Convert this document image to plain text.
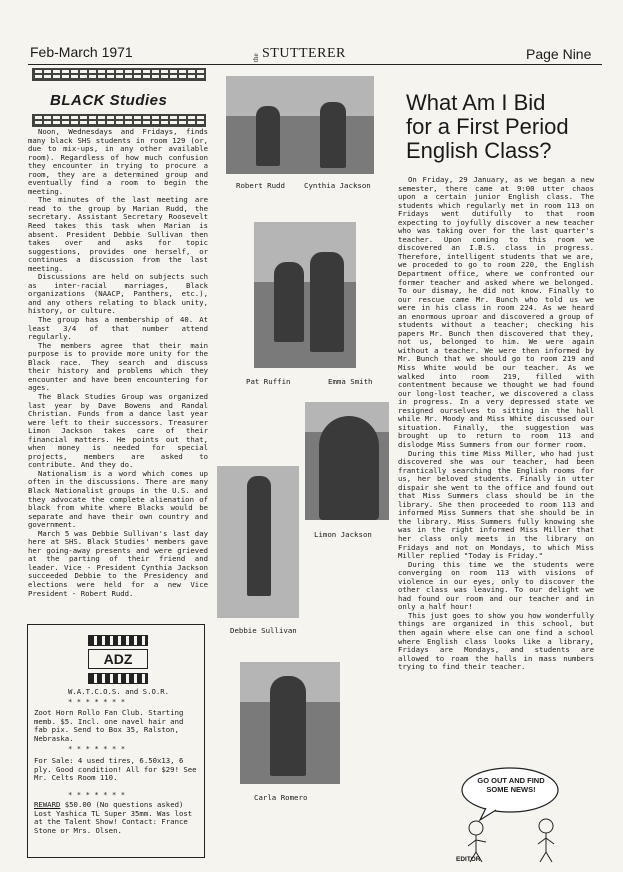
Feb-March 1971	the STUTTERER	Page Nine
BLACK Studies

Noon, Wednesdays and Fridays, finds many black SHS students in room 129 (or, due to mix-ups, in any other available room). Regardless of how much confusion they encounter in trying to procure a room, they are a determined group and eventually find a room to begin the meeting.

The minutes of the last meeting are read to the group by Marian Rudd, the secretary. Assistant Secretary Roosevelt Reed takes this task when Marian is absent. President Debbie Sullivan then takes over and asks for topic suggestions, provides one herself, or continues a discussion from the last meeting.

Discussions are held on subjects such as inter-racial marriages, Black organizations (NAACP, Panthers, etc.), and any others relating to black unity, history, or culture.

The group has a membership of 40. At least 3/4 of that number attend regularly.

The members agree that their main purpose is to provide more unity for the Black race. They search and discuss their history and problems which they encounter and have been encountering for ages.

The Black Studies Group was organized last year by Dave Bowens and Randal Christian. Funds from a dance last year were left to their successors. Treasurer Limon Jackson takes care of their financial matters. He points out that, when money is needed for special projects, members are asked to contribute. And they do.

Nationalism is a word which comes up often in the discussions. There are many Black Nationalist groups in the U.S. and they advocate the complete alienation of black from white where Blacks would be separate and have their own country and government.

March 5 was Debbie Sullivan's last day here at SHS. Black Studies' members gave her going-away presents and were grieved at the parting of their friend and leader. Vice - President Cynthia Jackson succeeded Debbie to the Presidency and elections were held for a new Vice President - Robert Rudd.

ADZ
W.A.T.C.O.S. and S.O.R.
* * * * * * *
Zoot Horn Rollo Fan Club. Starting memb. $5. Incl. one navel hair and fab pix. Send to Box 35, Ralston, Nebraska.
* * * * * * *
For Sale: 4 used tires, 6.50x13, 6 ply. Good condition! All for $29! See Mr. Celts Room 110.
* * * * * * *
REWARD $50.00 (No questions asked) Lost Yashica TL Super 35mm. Was lost at the Talent Show! Contact: France Stone or Mrs. Olsen.
Robert Rudd	Cynthia Jackson
Pat Ruffin	Emma Smith
Limon Jackson
Debbie Sullivan
Carla Romero
What Am I Bid
for a First Period
English Class?

On Friday, 29 January, as we began a new semester, there came at 9:00 utter chaos upon a certain junior English class. The students which regularly met in room 113 on Fridays went dutifully to that room expecting to joyfully discover a new teacher who was taking over for the last quarter's teacher. Upon coming to this room we discovered an I.B.S. class in progress. Therefore, intelligent students that we are, we proceded to go to room 220, the English Department office, where we confronted our former teacher and asked where we belonged. To our dismay, he did not know. Finally to our rescue came Mr. Bunch who told us we were in his class in room 224. As we heard an enormous uproar and discovered a group of students without a teacher; checking his papers Mr. Bunch then discovered that they, not us, belonged to him. We were again without a teacher. We were then informed by Mr. Bunch that we should go to room 219 and Miss White would be our teacher. As we walked into room 219, filled with contentment because we thought we had found our long-lost teacher, we discovered a class in progress. In a very depressed state we resigned ourselves to sitting in the hall while Mr. Moody and Miss White discussed our situation. Finally, the suggestion was brought up to return to room 113 and dislodge Miss Summers from our former room.

During this time Miss Miller, who had just discovered she was our teacher, had been frantically searching the English rooms for us, her beloved students. Finally in utter dispair she went to the office and found out that Miss Summers class should be in the library. She then proceeded to room 113 and informed Miss Summers that she should be in the library. Miss Summers fully knowing she was in the right informed Miss Miller that her class only meets in the library on Fridays and not on Mondays, to which Miss Miller replied "Today is Friday."

During this time we the students were converging on room 113 with visions of violence in our eyes, only to discover the other class was leaving. To our delight we had found our room and our teacher and in only a half hour!

This just goes to show you how wonderfully things are organized in this school, but then again where else can one find a school where English class looks like a library, Fridays are Mondays, and students are allowed to roam the halls in mass numbers trying to find their teacher.

GO OUT AND FIND SOME NEWS!
EDITOR
